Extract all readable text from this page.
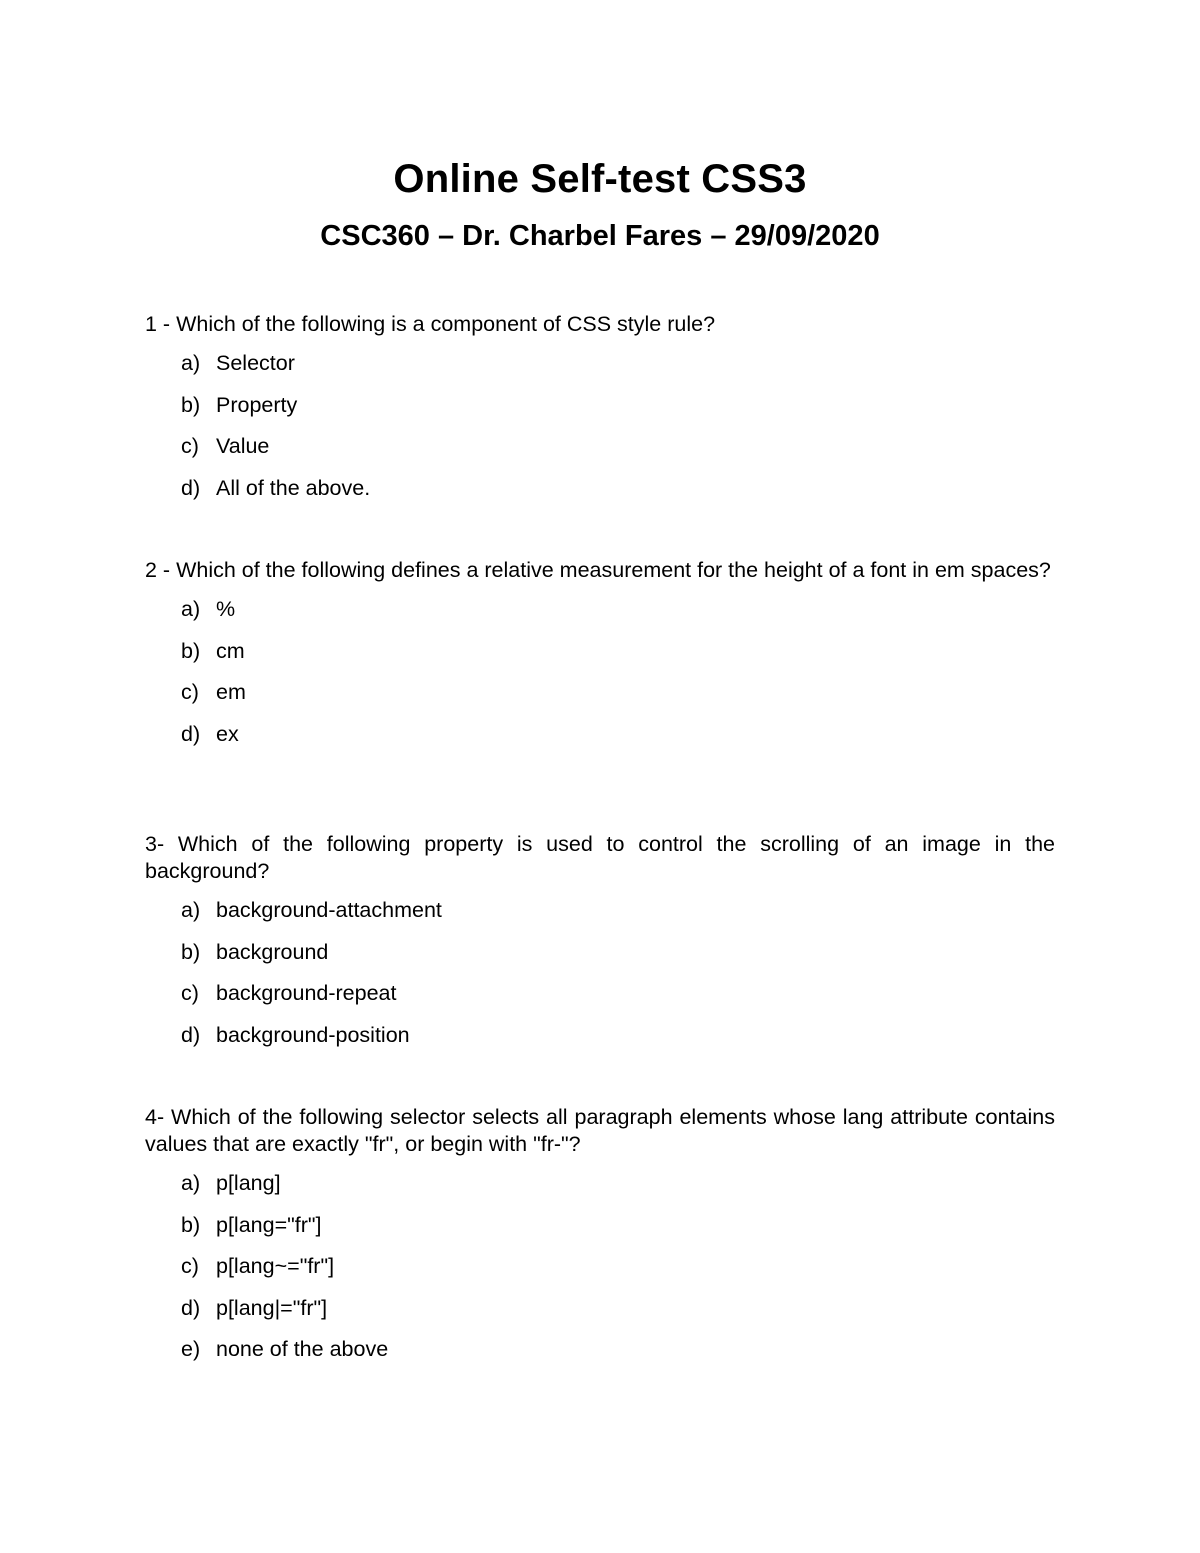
Online Self-test CSS3
CSC360 – Dr. Charbel Fares – 29/09/2020

1 - Which of the following is a component of CSS style rule?

a) Selector
b) Property
c) Value
d) All of the above.

2 - Which of the following defines a relative measurement for the height of a font in em spaces?

a) %
b) cm
c) em
d) ex

3- Which of the following property is used to control the scrolling of an image in the background?

a) background-attachment
b) background
c) background-repeat
d) background-position

4- Which of the following selector selects all paragraph elements whose lang attribute contains values that are exactly "fr", or begin with "fr-"?

a) p[lang]
b) p[lang="fr"]
c) p[lang~="fr"]
d) p[lang|="fr"]
e) none of the above
